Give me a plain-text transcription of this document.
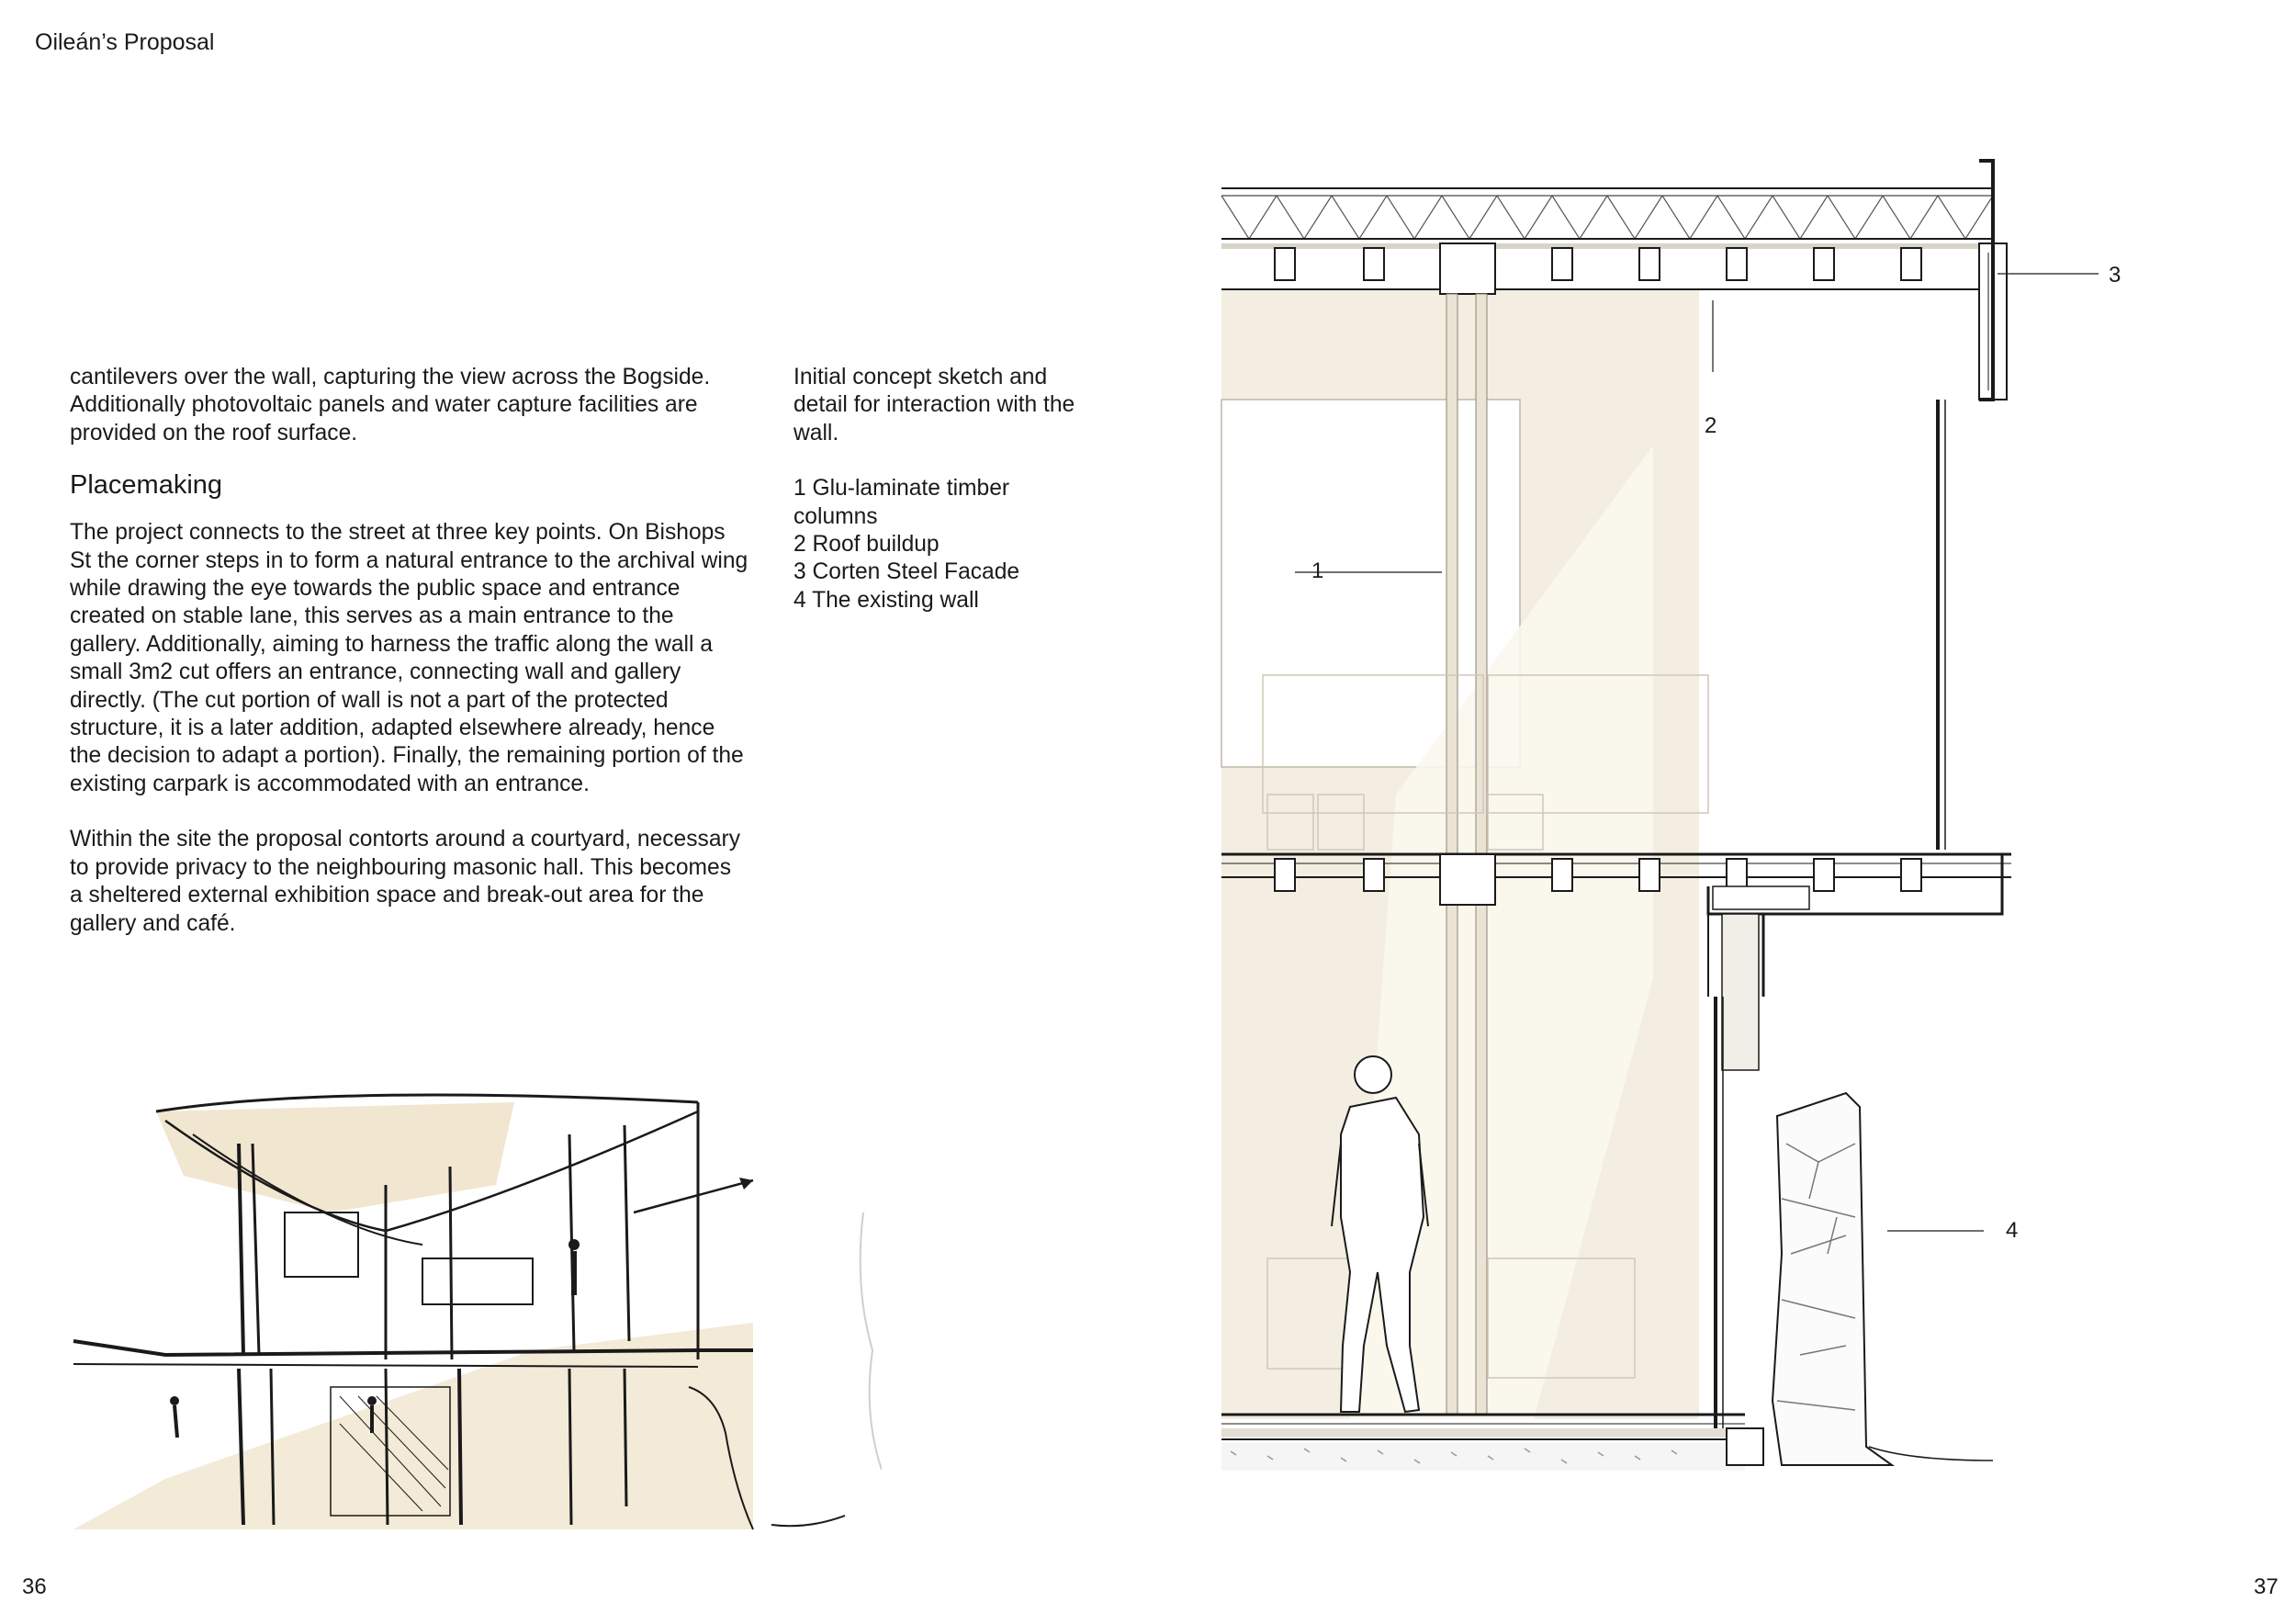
Oileán’s Proposal

cantilevers over the wall, capturing the view across the Bogside. Additionally photovoltaic panels and water capture facilities are provided on the roof surface.

Placemaking

The project connects to the street at three key points. On Bishops St the corner steps in to form a natural entrance to the archival wing while drawing the eye towards the public space and entrance created on stable lane, this serves as a main entrance to the gallery. Additionally, aiming to harness the traffic along the wall a small 3m2 cut offers an entrance, connecting wall and gallery directly. (The cut portion of wall is not a part of the protected structure, it is a later addition, adapted elsewhere already, hence the decision to adapt a portion). Finally, the remaining portion of the existing carpark is accommodated with an entrance.

Within the site the proposal contorts around a courtyard, necessary to provide privacy to the neighbouring masonic hall. This becomes a sheltered external exhibition space and break-out area for the gallery and café.

Initial concept sketch and detail for interaction with the wall.

1 Glu-laminate timber columns
2 Roof buildup
3 Corten Steel Facade
4 The existing wall
1
2
3
4
36	37
